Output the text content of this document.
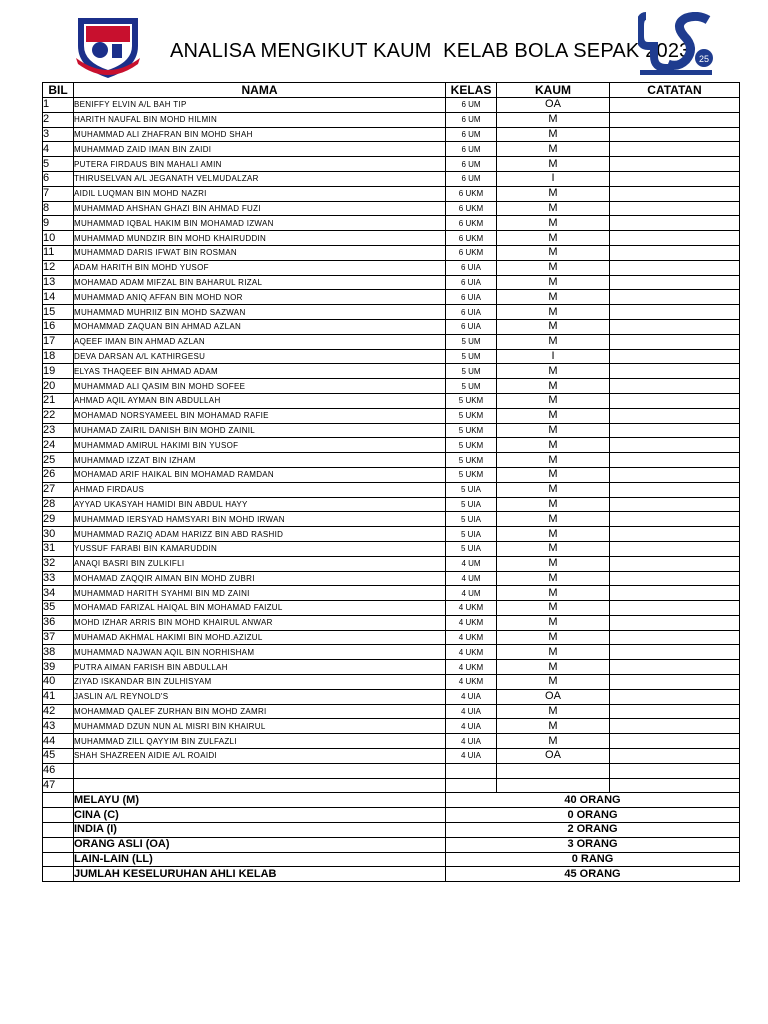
ANALISA MENGIKUT KAUM  KELAB BOLA SEPAK 2023 25
BIL	NAMA	KELAS	KAUM	CATATAN
1	BENIFFY ELVIN A/L BAH TIP	6 UM	OA	
2	HARITH NAUFAL BIN MOHD HILMIN	6 UM	M	
3	MUHAMMAD ALI ZHAFRAN BIN MOHD SHAH	6 UM	M	
4	MUHAMMAD ZAID IMAN BIN ZAIDI	6 UM	M	
5	PUTERA FIRDAUS BIN MAHALI AMIN	6 UM	M	
6	THIRUSELVAN A/L JEGANATH VELMUDALZAR	6 UM	I	
7	AIDIL LUQMAN BIN MOHD NAZRI	6 UKM	M	
8	MUHAMMAD AHSHAN GHAZI BIN AHMAD FUZI	6 UKM	M	
9	MUHAMMAD IQBAL HAKIM BIN MOHAMAD IZWAN	6 UKM	M	
10	MUHAMMAD MUNDZIR BIN MOHD KHAIRUDDIN	6 UKM	M	
11	MUHAMMAD DARIS IFWAT BIN ROSMAN	6 UKM	M	
12	ADAM HARITH BIN MOHD YUSOF	6 UIA	M	
13	MOHAMAD ADAM MIFZAL BIN BAHARUL RIZAL	6 UIA	M	
14	MUHAMMAD ANIQ AFFAN BIN MOHD NOR	6 UIA	M	
15	MUHAMMAD MUHRIIZ BIN MOHD SAZWAN	6 UIA	M	
16	MOHAMMAD ZAQUAN BIN AHMAD AZLAN	6 UIA	M	
17	AQEEF IMAN BIN AHMAD AZLAN	5 UM	M	
18	DEVA DARSAN A/L KATHIRGESU	5 UM	I	
19	ELYAS THAQEEF BIN AHMAD ADAM	5 UM	M	
20	MUHAMMAD ALI QASIM BIN MOHD SOFEE	5 UM	M	
21	AHMAD AQIL AYMAN BIN ABDULLAH	5 UKM	M	
22	MOHAMAD NORSYAMEEL BIN MOHAMAD RAFIE	5 UKM	M	
23	MUHAMAD ZAIRIL DANISH BIN MOHD ZAINIL	5 UKM	M	
24	MUHAMMAD AMIRUL HAKIMI BIN YUSOF	5 UKM	M	
25	MUHAMMAD IZZAT BIN IZHAM	5 UKM	M	
26	MOHAMAD ARIF HAIKAL BIN MOHAMAD RAMDAN	5 UKM	M	
27	AHMAD FIRDAUS	5 UIA	M	
28	AYYAD UKASYAH HAMIDI BIN ABDUL HAYY	5 UIA	M	
29	MUHAMMAD IERSYAD HAMSYARI BIN MOHD IRWAN	5 UIA	M	
30	MUHAMMAD RAZIQ ADAM HARIZZ BIN ABD RASHID	5 UIA	M	
31	YUSSUF FARABI BIN KAMARUDDIN	5 UIA	M	
32	ANAQI BASRI BIN ZULKIFLI	4 UM	M	
33	MOHAMAD ZAQQIR AIMAN BIN MOHD ZUBRI	4 UM	M	
34	MUHAMMAD HARITH SYAHMI BIN MD ZAINI	4 UM	M	
35	MOHAMAD FARIZAL HAIQAL BIN MOHAMAD FAIZUL	4 UKM	M	
36	MOHD IZHAR ARRIS BIN MOHD KHAIRUL ANWAR	4 UKM	M	
37	MUHAMAD AKHMAL HAKIMI BIN MOHD.AZIZUL	4 UKM	M	
38	MUHAMMAD NAJWAN AQIL BIN NORHISHAM	4 UKM	M	
39	PUTRA AIMAN FARISH BIN ABDULLAH	4 UKM	M	
40	ZIYAD ISKANDAR BIN ZULHISYAM	4 UKM	M	
41	JASLIN A/L REYNOLD'S	4 UIA	OA	
42	MOHAMMAD QALEF ZURHAN BIN MOHD ZAMRI	4 UIA	M	
43	MUHAMMAD DZUN NUN AL MISRI BIN KHAIRUL	4 UIA	M	
44	MUHAMMAD ZILL QAYYIM BIN ZULFAZLI	4 UIA	M	
45	SHAH SHAZREEN AIDIE A/L ROAIDI	4 UIA	OA	
46				
47				
	MELAYU (M)	40 ORANG		
	CINA (C)	0 ORANG		
	INDIA (I)	2 ORANG		
	ORANG ASLI (OA)	3 ORANG		
	LAIN-LAIN (LL)	0 RANG		
	JUMLAH KESELURUHAN AHLI KELAB	45 ORANG		
